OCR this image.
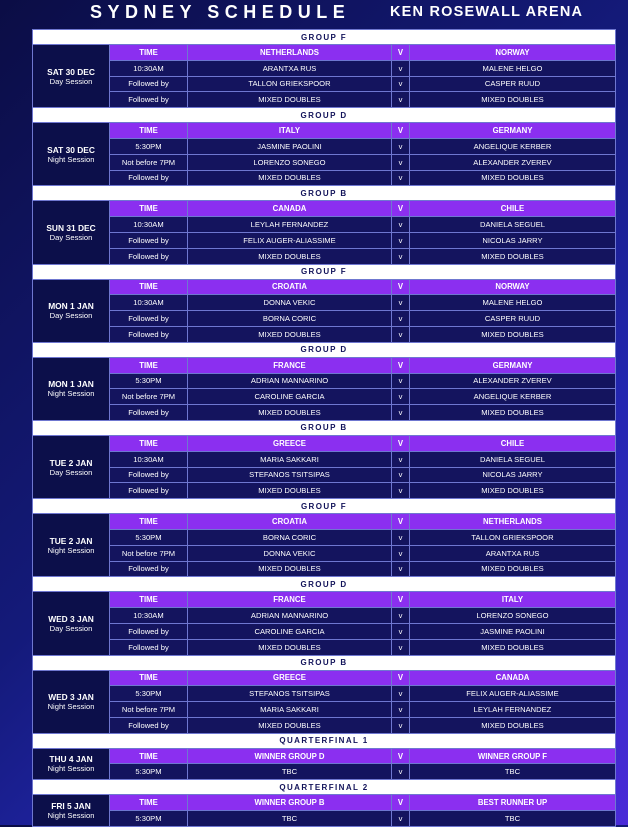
SYDNEY SCHEDULE	KEN ROSEWALL ARENA
GROUP F				

SAT 30 DEC
Day Session	TIME	NETHERLANDS	V	NORWAY
	10:30AM	ARANTXA RUS	v	MALENE HELGO
	Followed by	TALLON GRIEKSPOOR	v	CASPER RUUD
	Followed by	MIXED DOUBLES	v	MIXED DOUBLES
GROUP D				

SAT 30 DEC
Night Session	TIME	ITALY	V	GERMANY
	5:30PM	JASMINE PAOLINI	v	ANGELIQUE KERBER
	Not before 7PM	LORENZO SONEGO	v	ALEXANDER ZVEREV
	Followed by	MIXED DOUBLES	v	MIXED DOUBLES
GROUP B				

SUN 31 DEC
Day Session	TIME	CANADA	V	CHILE
	10:30AM	LEYLAH FERNANDEZ	v	DANIELA SEGUEL
	Followed by	FELIX AUGER-ALIASSIME	v	NICOLAS JARRY
	Followed by	MIXED DOUBLES	v	MIXED DOUBLES
GROUP F				

MON 1 JAN
Day Session	TIME	CROATIA	V	NORWAY
	10:30AM	DONNA VEKIC	v	MALENE HELGO
	Followed by	BORNA CORIC	v	CASPER RUUD
	Followed by	MIXED DOUBLES	v	MIXED DOUBLES
GROUP D				

MON 1 JAN
Night Session	TIME	FRANCE	V	GERMANY
	5:30PM	ADRIAN MANNARINO	v	ALEXANDER ZVEREV
	Not before 7PM	CAROLINE GARCIA	v	ANGELIQUE KERBER
	Followed by	MIXED DOUBLES	v	MIXED DOUBLES
GROUP B				

TUE 2 JAN
Day Session	TIME	GREECE	V	CHILE
	10:30AM	MARIA SAKKARI	v	DANIELA SEGUEL
	Followed by	STEFANOS TSITSIPAS	v	NICOLAS JARRY
	Followed by	MIXED DOUBLES	v	MIXED DOUBLES
GROUP F				

TUE 2 JAN
Night Session	TIME	CROATIA	V	NETHERLANDS
	5:30PM	BORNA CORIC	v	TALLON GRIEKSPOOR
	Not before 7PM	DONNA VEKIC	v	ARANTXA RUS
	Followed by	MIXED DOUBLES	v	MIXED DOUBLES
GROUP D				

WED 3 JAN
Day Session	TIME	FRANCE	V	ITALY
	10:30AM	ADRIAN MANNARINO	v	LORENZO SONEGO
	Followed by	CAROLINE GARCIA	v	JASMINE PAOLINI
	Followed by	MIXED DOUBLES	v	MIXED DOUBLES
GROUP B				

WED 3 JAN
Night Session	TIME	GREECE	V	CANADA
	5:30PM	STEFANOS TSITSIPAS	v	FELIX AUGER-ALIASSIME
	Not before 7PM	MARIA SAKKARI	v	LEYLAH FERNANDEZ
	Followed by	MIXED DOUBLES	v	MIXED DOUBLES
QUARTERFINAL 1				

THU 4 JAN
Night Session	TIME	WINNER GROUP D	V	WINNER GROUP F
	5:30PM	TBC	v	TBC
QUARTERFINAL 2				

FRI 5 JAN
Night Session	TIME	WINNER GROUP B	V	BEST RUNNER UP
	5:30PM	TBC	v	TBC
